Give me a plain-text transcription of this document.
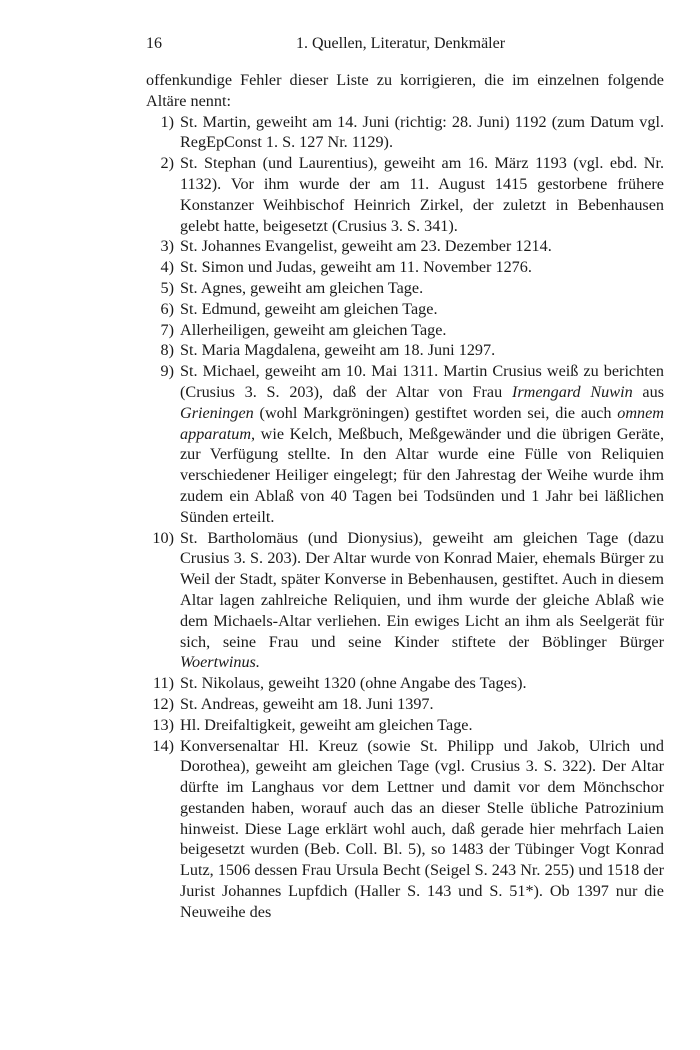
16	1. Quellen, Literatur, Denkmäler

offenkundige Fehler dieser Liste zu korrigieren, die im einzelnen folgende Altäre nennt:

1) St. Martin, geweiht am 14. Juni (richtig: 28. Juni) 1192 (zum Datum vgl. RegEpConst 1. S. 127 Nr. 1129).
2) St. Stephan (und Laurentius), geweiht am 16. März 1193 (vgl. ebd. Nr. 1132). Vor ihm wurde der am 11. August 1415 gestorbene frühere Konstanzer Weihbischof Heinrich Zirkel, der zuletzt in Bebenhausen gelebt hatte, beigesetzt (Crusius 3. S. 341).
3) St. Johannes Evangelist, geweiht am 23. Dezember 1214.
4) St. Simon und Judas, geweiht am 11. November 1276.
5) St. Agnes, geweiht am gleichen Tage.
6) St. Edmund, geweiht am gleichen Tage.
7) Allerheiligen, geweiht am gleichen Tage.
8) St. Maria Magdalena, geweiht am 18. Juni 1297.
9) St. Michael, geweiht am 10. Mai 1311. Martin Crusius weiß zu berichten (Crusius 3. S. 203), daß der Altar von Frau Irmengard Nuwin aus Grieningen (wohl Markgröningen) gestiftet worden sei, die auch omnem apparatum, wie Kelch, Meßbuch, Meßgewänder und die übrigen Geräte, zur Verfügung stellte. In den Altar wurde eine Fülle von Reliquien verschiedener Heiliger eingelegt; für den Jahrestag der Weihe wurde ihm zudem ein Ablaß von 40 Tagen bei Todsünden und 1 Jahr bei läßlichen Sünden erteilt.
10) St. Bartholomäus (und Dionysius), geweiht am gleichen Tage (dazu Crusius 3. S. 203). Der Altar wurde von Konrad Maier, ehemals Bürger zu Weil der Stadt, später Konverse in Bebenhausen, gestiftet. Auch in diesem Altar lagen zahlreiche Reliquien, und ihm wurde der gleiche Ablaß wie dem Michaels-Altar verliehen. Ein ewiges Licht an ihm als Seelgerät für sich, seine Frau und seine Kinder stiftete der Böblinger Bürger Woertwinus.
11) St. Nikolaus, geweiht 1320 (ohne Angabe des Tages).
12) St. Andreas, geweiht am 18. Juni 1397.
13) Hl. Dreifaltigkeit, geweiht am gleichen Tage.
14) Konversenaltar Hl. Kreuz (sowie St. Philipp und Jakob, Ulrich und Dorothea), geweiht am gleichen Tage (vgl. Crusius 3. S. 322). Der Altar dürfte im Langhaus vor dem Lettner und damit vor dem Mönchschor gestanden haben, worauf auch das an dieser Stelle übliche Patrozinium hinweist. Diese Lage erklärt wohl auch, daß gerade hier mehrfach Laien beigesetzt wurden (Beb. Coll. Bl. 5), so 1483 der Tübinger Vogt Konrad Lutz, 1506 dessen Frau Ursula Becht (Seigel S. 243 Nr. 255) und 1518 der Jurist Johannes Lupfdich (Haller S. 143 und S. 51*). Ob 1397 nur die Neuweihe des
